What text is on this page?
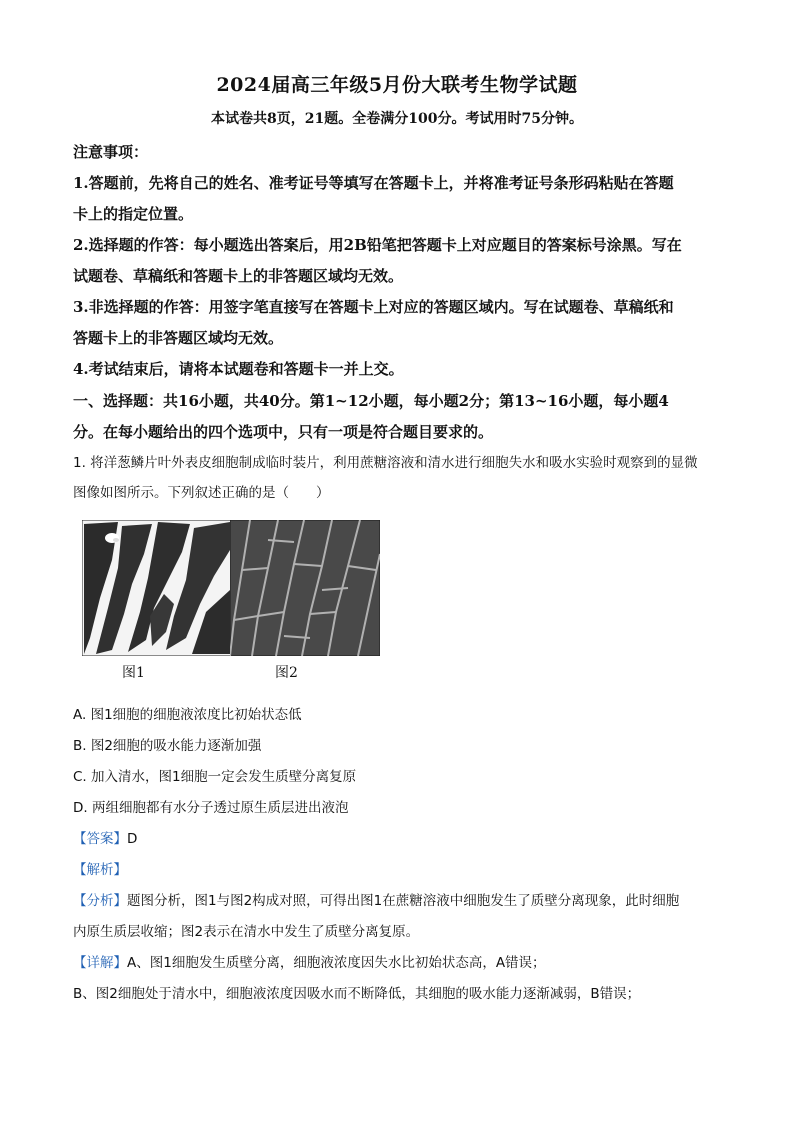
2024届高三年级5月份大联考生物学试题
本试卷共8页，21题。全卷满分100分。考试用时75分钟。
注意事项：
1.答题前，先将自己的姓名、准考证号等填写在答题卡上，并将准考证号条形码粘贴在答题
卡上的指定位置。
2.选择题的作答：每小题选出答案后，用2B铅笔把答题卡上对应题目的答案标号涂黑。写在
试题卷、草稿纸和答题卡上的非答题区域均无效。
3.非选择题的作答：用签字笔直接写在答题卡上对应的答题区域内。写在试题卷、草稿纸和
答题卡上的非答题区域均无效。
4.考试结束后，请将本试题卷和答题卡一并上交。
一、选择题：共16小题，共40分。第1~12小题，每小题2分；第13~16小题，每小题4
分。在每小题给出的四个选项中，只有一项是符合题目要求的。
1. 将洋葱鳞片叶外表皮细胞制成临时装片，利用蔗糖溶液和清水进行细胞失水和吸水实验时观察到的显微
图像如图所示。下列叙述正确的是（　　）
图1	图2
A. 图1细胞的细胞液浓度比初始状态低
B. 图2细胞的吸水能力逐渐加强
C. 加入清水，图1细胞一定会发生质壁分离复原
D. 两组细胞都有水分子透过原生质层进出液泡
【答案】D
【解析】
【分析】题图分析，图1与图2构成对照，可得出图1在蔗糖溶液中细胞发生了质壁分离现象，此时细胞
内原生质层收缩；图2表示在清水中发生了质壁分离复原。
【详解】A、图1细胞发生质壁分离，细胞液浓度因失水比初始状态高，A错误；
B、图2细胞处于清水中，细胞液浓度因吸水而不断降低，其细胞的吸水能力逐渐减弱，B错误；
